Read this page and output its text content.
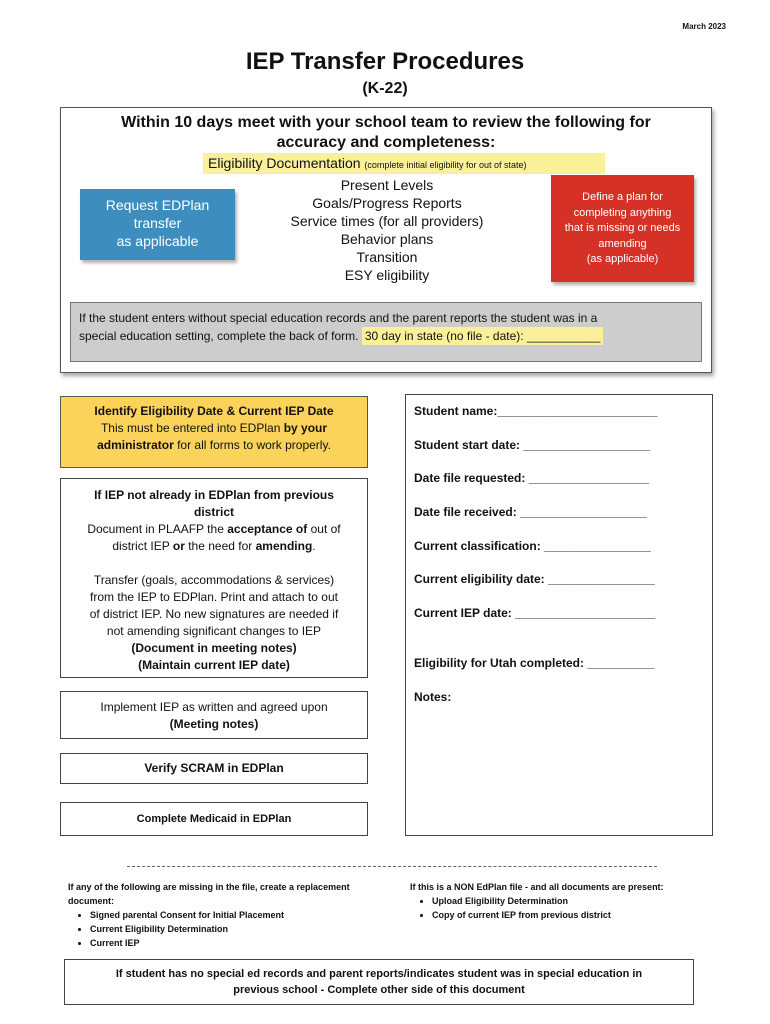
March 2023
IEP Transfer Procedures
(K-22)
Within 10 days meet with your school team to review the following for
accuracy and completeness:
Eligibility Documentation (complete initial eligibility for out of state)
Request EDPlan
transfer
as applicable
Present Levels
Goals/Progress Reports
Service times (for all providers)
Behavior plans
Transition
ESY eligibility
Define a plan for
completing anything
that is missing or needs
amending
(as applicable)
If the student enters without special education records and the parent reports the student was in a
special education setting, complete the back of form. 30 day in state (no file - date): ___________
Identify Eligibility Date & Current IEP Date
This must be entered into EDPlan by your
administrator for all forms to work properly.

If IEP not already in EDPlan from previous

district

Document in PLAAFP the acceptance of out of

district IEP or the need for amending.

Transfer (goals, accommodations & services)

from the IEP to EDPlan. Print and attach to out

of district IEP. No new signatures are needed if

not amending significant changes to IEP

(Document in meeting notes)

(Maintain current IEP date)

Implement IEP as written and agreed upon
(Meeting notes)
Verify SCRAM in EDPlan
Complete Medicaid in EDPlan
Student name:________________________
Student start date: ___________________
Date file requested: __________________
Date file received: ___________________
Current classification: ________________
Current eligibility date: ________________
Current IEP date: _____________________
Eligibility for Utah completed: __________
Notes:
If any of the following are missing in the file, create a replacement document:
• Signed parental Consent for Initial Placement
• Current Eligibility Determination
• Current IEP
If this is a NON EdPlan file - and all documents are present:
• Upload Eligibility Determination
• Copy of current IEP from previous district
If student has no special ed records and parent reports/indicates student was in special education in
previous school - Complete other side of this document
